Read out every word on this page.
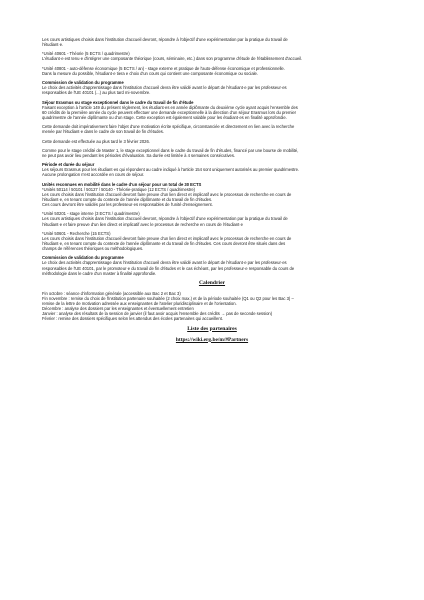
Les cours artistiques choisis dans l'institution d'accueil devront, répondre à l'objectif d'une expérimentation par la pratique du travail de
l'étudiant·e.
*Unité 40601 - Théorie (5 ECTS / quadrimestre)
L'étudiant·e est tenu·e d'intégrer une composante théorique (cours, séminaire, etc.) dans son programme d'étude de l'établissement d'accueil.
*Unité 40801 - auto-défense économique (5 ECTS / an) - stage externe et pratique de l'auto-défense économique et professionnelle.
Dans la mesure du possible, l'étudiant·e tiera e choix d'un cours qui contient une composante économique ou sociale.
Commission de validation du programme
Le choix des activités d'apprentissage dans l'institution d'accueil devra être validé avant le départ de l'étudiant·e par les professeur·es
responsables de l'UE 40101 (...) au plus tard mi-novembre.
Séjour Erasmus ou stage exceptionnel dans le cadre du travail de fin d'étude
Faisant exception à l'article 149 du présent règlement, les étudiant·es en année diplômante du deuxième cycle ayant acquis l'ensemble des
60 crédits de la première année du cycle peuvent effectuer une demande exceptionnelle à la direction d'un séjour Erasmus lors du premier
quadrimestre de l'année diplômante ou d'un stage. Cette exception est également valable pour les étudiant·es en finalité approfondie.
Cette demande doit impérativement faire l'objet d'une motivation écrite spécifique, circonstanciée et directement en lien avec la recherche
menée par l'étudiant·e dans le cadre de son travail de fin d'études.
Cette demande est effectuée au plus tard le 3 février 2026.
Comme pour le stage crédité de Master 1, le stage exceptionnel dans le cadre du travail de fin d'études, financé par une bourse de mobilité,
ne peut pas avoir lieu pendant les périodes d'évaluation. Sa durée est limitée à 4 semaines consécutives.
Période et durée du séjour
Les séjours Erasmus pour les étudiant·es qui répondent au cadre indiqué à l'article 154 sont uniquement autorisés au premier quadrimestre.
Aucune prolongation n'est accordée en cours de séjour.
Unités reconnues en mobilité dans le cadre d'un séjour pour un total de 30 ECTS
*Unités 50114 / 50101 / 50127 / 50140 - Théorie-pratique (12 ECTS / quadrimestre)
Les cours choisis dans l'institution d'accueil devront faire preuve d'un lien direct et implicatif avec le processus de recherche en cours de
l'étudiant·e, en tenant compte du contexte de l'année diplômante et du travail de fin d'études.
Ces cours devront être validés par les professeur·es responsables de l'unité d'enseignement.
*Unité 50201 - stage interne (3 ECTS / quadrimestre)
Les cours artistiques choisis dans l'institution d'accueil devront, répondre à l'objectif d'une expérimentation par la pratique du travail de
l'étudiant·e et faire preuve d'un lien direct et implicatif avec le processus de recherche en cours de l'étudiant·e
*Unité 50601 - Recherche (15 ECTS)
Les cours choisis dans l'institution d'accueil devront faire preuve d'un lien direct et implicatif avec le processus de recherche en cours de
l'étudiant·e, en tenant compte du contexte de l'année diplômante et du travail de fin d'études. Ces cours devront être situés dans des
champs de références théoriques ou méthodologiques.
Commission de validation du programme
Le choix des activités d'apprentissage dans l'institution d'accueil devra être validé avant le départ de l'étudiant·e par les professeur·es
responsables de l'UE 40101, par le promoteur·e du travail de fin d'études et le cas échéant, par les professeur·e responsable du cours de
méthodologie dans le cadre d'un master à finalité approfondie.
Calendrier
Fin octobre : séance d'information générale (accessible aux Bac 2 et Bac 3)
Fin novembre : remise du choix de l'institution partenaire souhaitée (2 choix max.) et de la période souhaitée (Q1 ou Q2 pour les Bac 3) –
remise de la lettre de motivation adressée aux enseignantes de l'atelier pluridisciplinaire et de l'orientation.
Décembre : analyse des dossiers par les enseignantes et éventuellement entretien
Janvier : analyse des résultats de la session de janvier (il faut avoir acquis l'ensemble des crédits → pas de seconde session)
Février : remise des dossiers spécifiques selon les attendus des écoles partenaires qui accueillent.
Liste des partenaires
https://wiki.erg.be/m/#Partners
